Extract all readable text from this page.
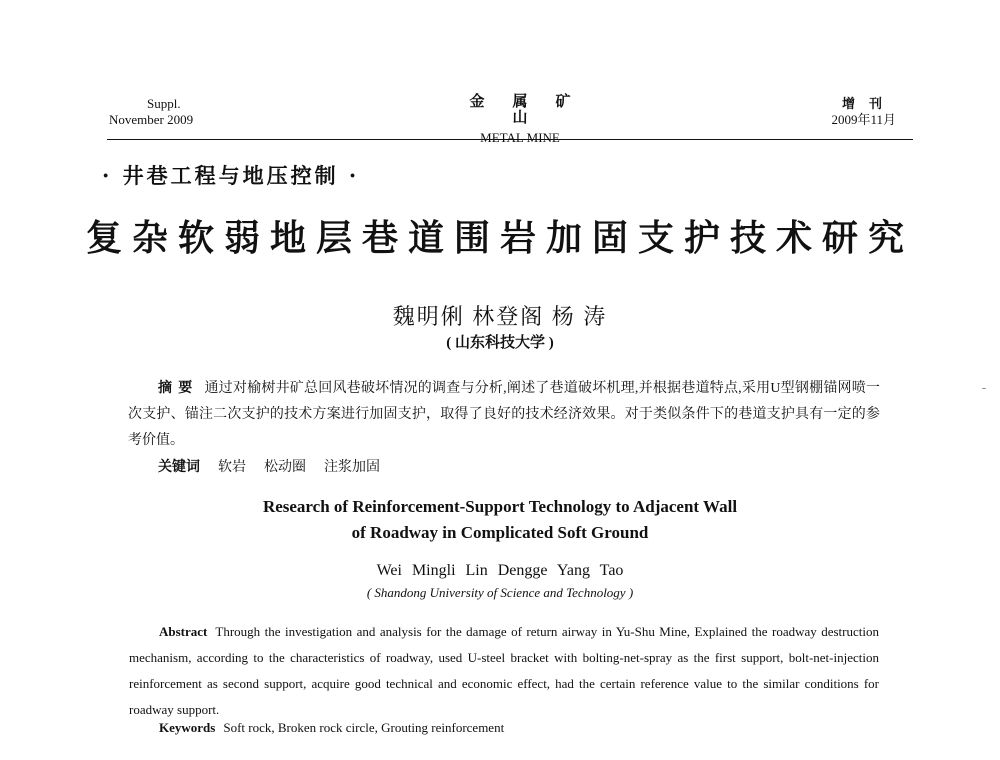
Suppl.
November 2009
金属矿山
METAL MINE
增刊
2009年11月
· 井巷工程与地压控制 ·
复杂软弱地层巷道围岩加固支护技术研究
魏明俐 林登阁 杨 涛
( 山东科技大学 )
摘要 通过对榆树井矿总回风巷破坏情况的调查与分析,阐述了巷道破坏机理,并根据巷道特点,采用U型钢棚锚网喷一次支护、锚注二次支护的技术方案进行加固支护，取得了良好的技术经济效果。对于类似条件下的巷道支护具有一定的参考价值。
关键词 软岩 松动圈 注浆加固
Research of Reinforcement-Support Technology to Adjacent Wall
of Roadway in Complicated Soft Ground
Wei Mingli Lin Dengge Yang Tao
( Shandong University of Science and Technology )
Abstract Through the investigation and analysis for the damage of return airway in Yu-Shu Mine, Explained the roadway destruction mechanism, according to the characteristics of roadway, used U-steel bracket with bolting-net-spray as the first support, bolt-net-injection reinforcement as second support, acquire good technical and economic effect, had the certain reference value to the similar conditions for roadway support.
Keywords Soft rock, Broken rock circle, Grouting reinforcement
